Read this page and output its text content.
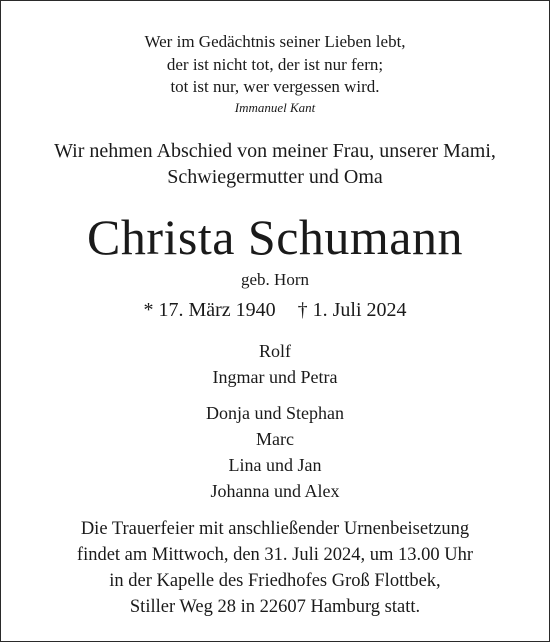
Wer im Gedächtnis seiner Lieben lebt,
der ist nicht tot, der ist nur fern;
tot ist nur, wer vergessen wird.
Immanuel Kant
Wir nehmen Abschied von meiner Frau, unserer Mami,
Schwiegermutter und Oma
Christa Schumann
geb. Horn
* 17. März 1940 † 1. Juli 2024
Rolf
Ingmar und Petra
Donja und Stephan
Marc
Lina und Jan
Johanna und Alex
Die Trauerfeier mit anschließender Urnenbeisetzung
findet am Mittwoch, den 31. Juli 2024, um 13.00 Uhr
in der Kapelle des Friedhofes Groß Flottbek,
Stiller Weg 28 in 22607 Hamburg statt.
